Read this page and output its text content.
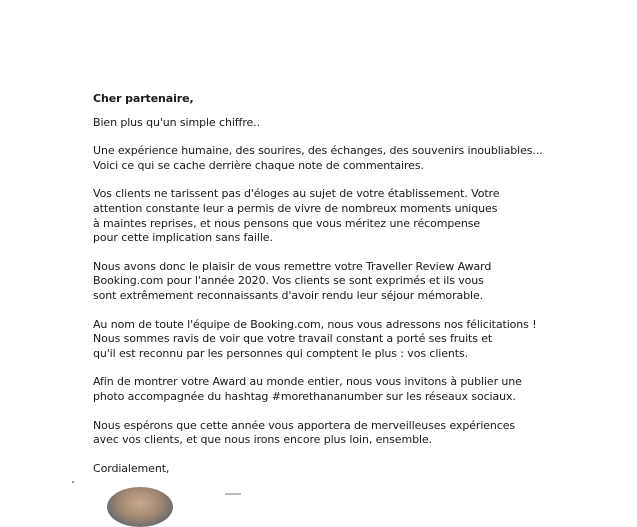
Cher partenaire,

Bien plus qu'un simple chiffre..

Une expérience humaine, des sourires, des échanges, des souvenirs inoubliables...
Voici ce qui se cache derrière chaque note de commentaires.

Vos clients ne tarissent pas d'éloges au sujet de votre établissement. Votre
attention constante leur a permis de vivre de nombreux moments uniques
à maintes reprises, et nous pensons que vous méritez une récompense
pour cette implication sans faille.

Nous avons donc le plaisir de vous remettre votre Traveller Review Award
Booking.com pour l'année 2020. Vos clients se sont exprimés et ils vous
sont extrêmement reconnaissants d'avoir rendu leur séjour mémorable.

Au nom de toute l'équipe de Booking.com, nous vous adressons nos félicitations !
Nous sommes ravis de voir que votre travail constant a porté ses fruits et
qu'il est reconnu par les personnes qui comptent le plus : vos clients.

Afin de montrer votre Award au monde entier, nous vous invitons à publier une
photo accompagnée du hashtag #morethananumber sur les réseaux sociaux.

Nous espérons que cette année vous apportera de merveilleuses expériences
avec vos clients, et que nous irons encore plus loin, ensemble.

Cordialement,
